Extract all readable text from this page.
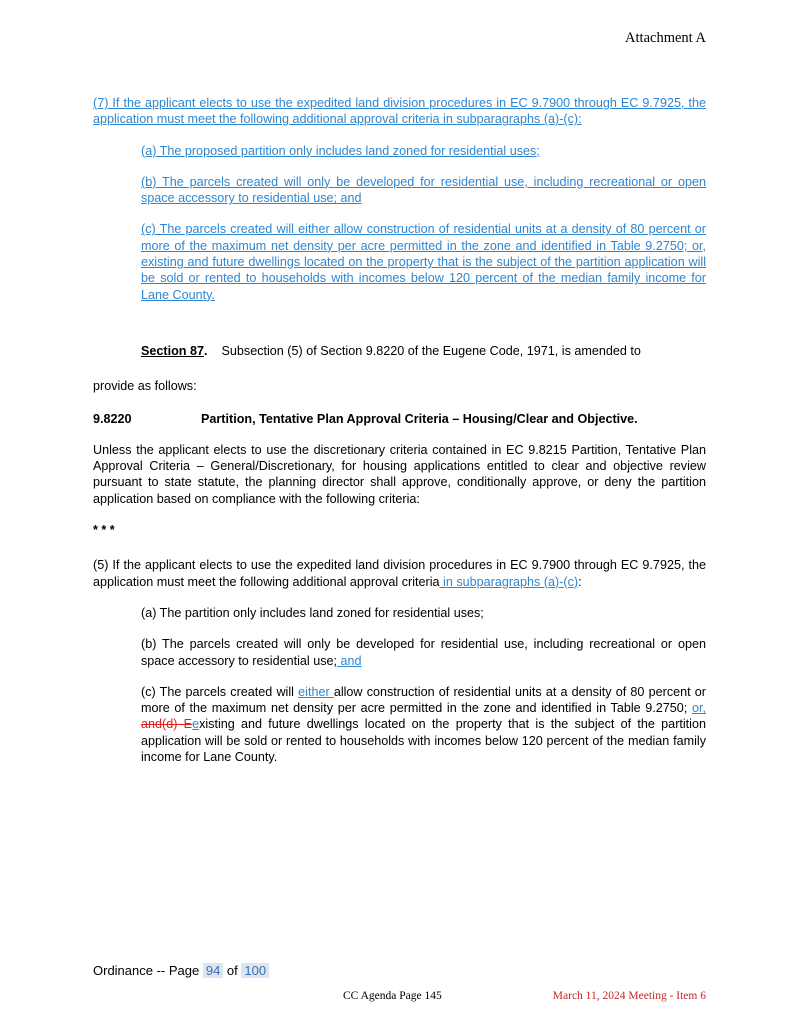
Attachment A

(7) If the applicant elects to use the expedited land division procedures in EC 9.7900 through EC 9.7925, the application must meet the following additional approval criteria in subparagraphs (a)-(c):

(a) The proposed partition only includes land zoned for residential uses;

(b) The parcels created will only be developed for residential use, including recreational or open space accessory to residential use; and

(c) The parcels created will either allow construction of residential units at a density of 80 percent or more of the maximum net density per acre permitted in the zone and identified in Table 9.2750; or, existing and future dwellings located on the property that is the subject of the partition application will be sold or rented to households with incomes below 120 percent of the median family income for Lane County.

Section 87. Subsection (5) of Section 9.8220 of the Eugene Code, 1971, is amended to

provide as follows:

9.8220	Partition, Tentative Plan Approval Criteria – Housing/Clear and Objective.

Unless the applicant elects to use the discretionary criteria contained in EC 9.8215 Partition, Tentative Plan Approval Criteria – General/Discretionary, for housing applications entitled to clear and objective review pursuant to state statute, the planning director shall approve, conditionally approve, or deny the partition application based on compliance with the following criteria:

* * *

(5) If the applicant elects to use the expedited land division procedures in EC 9.7900 through EC 9.7925, the application must meet the following additional approval criteria in subparagraphs (a)-(c):

(a) The partition only includes land zoned for residential uses;

(b) The parcels created will only be developed for residential use, including recreational or open space accessory to residential use; and

(c) The parcels created will either allow construction of residential units at a density of 80 percent or more of the maximum net density per acre permitted in the zone and identified in Table 9.2750; or, and(d) Eexisting and future dwellings located on the property that is the subject of the partition application will be sold or rented to households with incomes below 120 percent of the median family income for Lane County.

Ordinance -- Page 94 of 100
CC Agenda Page 145	March 11, 2024 Meeting - Item 6
